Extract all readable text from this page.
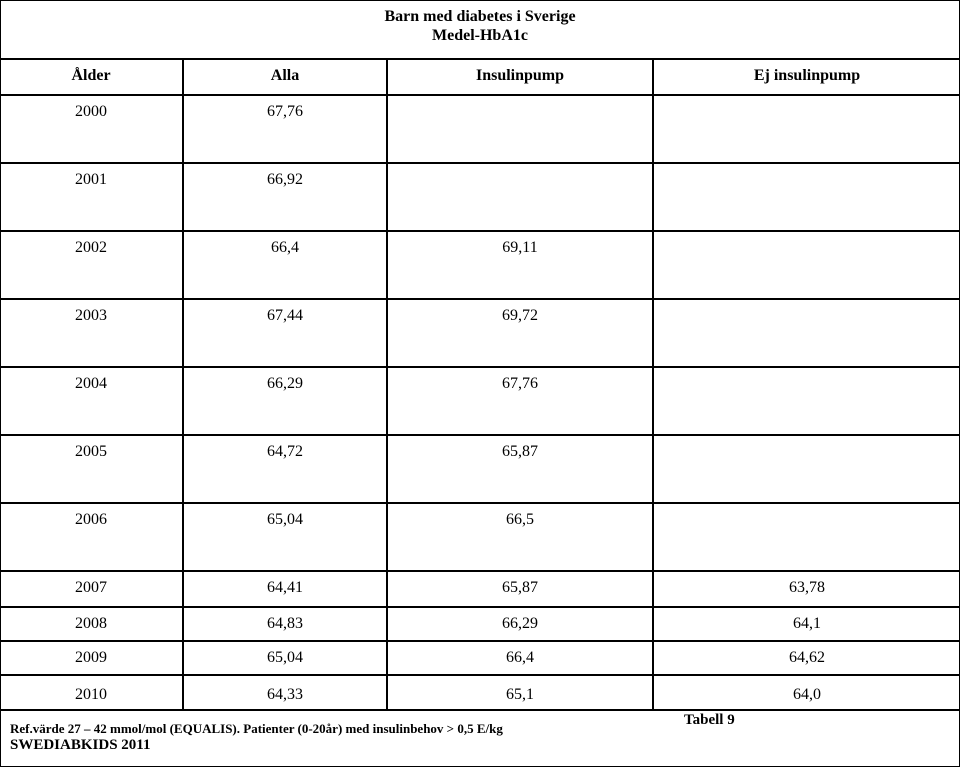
Barn med diabetes i Sverige
Medel-HbA1c
Ålder	Alla	Insulinpump	Ej insulinpump
2000	67,76
2001	66,92
2002	66,4	69,11
2003	67,44	69,72
2004	66,29	67,76
2005	64,72	65,87
2006	65,04	66,5
2007	64,41	65,87	63,78
2008	64,83	66,29	64,1
2009	65,04	66,4	64,62
2010	64,33	65,1	64,0
Ref.värde 27 – 42 mmol/mol (EQUALIS). Patienter (0-20år) med insulinbehov > 0,5 E/kg
SWEDIABKIDS 2011
Tabell 9
